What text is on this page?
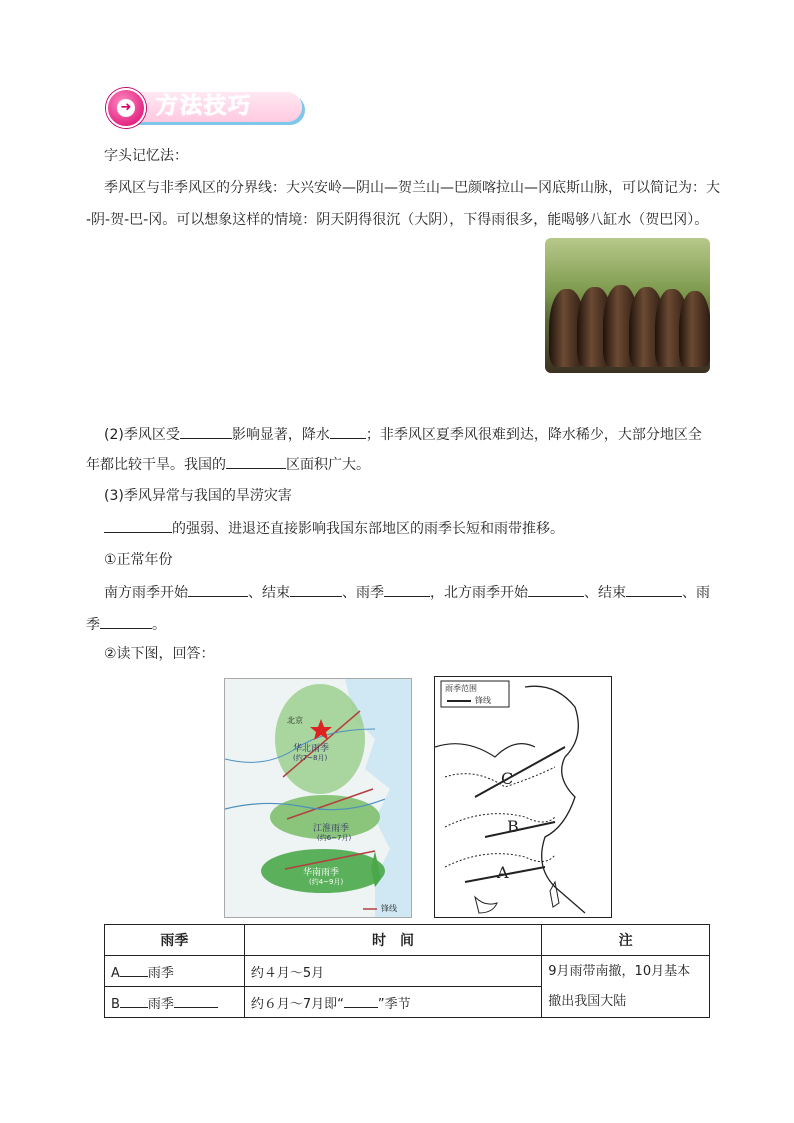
➜ 方法技巧
字头记忆法：
季风区与非季风区的分界线：大兴安岭—阴山—贺兰山—巴颜喀拉山—冈底斯山脉，可以简记为：大
-阴-贺-巴-冈。可以想象这样的情境：阴天阴得很沉（大阴），下得雨很多，能喝够八缸水（贺巴冈）。
(2)季风区受	影响显著，降水	；非季风区夏季风很难到达，降水稀少，大部分地区全
年都比较干旱。我国的	区面积广大。
(3)季风异常与我国的旱涝灾害
的强弱、进退还直接影响我国东部地区的雨季长短和雨带推移。
①正常年份
南方雨季开始	、结束	、雨季	，北方雨季开始	、结束	、雨
季	。
②读下图，回答：
北京
华北雨季
(约7~8月)
江淮雨季
(约6~7月)
华南雨季
(约4~9月)
锋线
雨季范围
锋线
C
B
A
雨季	时　间	注
A 雨季	约４月～5月	9月雨带南撤，10月基本撤出我国大陆
B 雨季	约６月～7月即“ ”季节	
